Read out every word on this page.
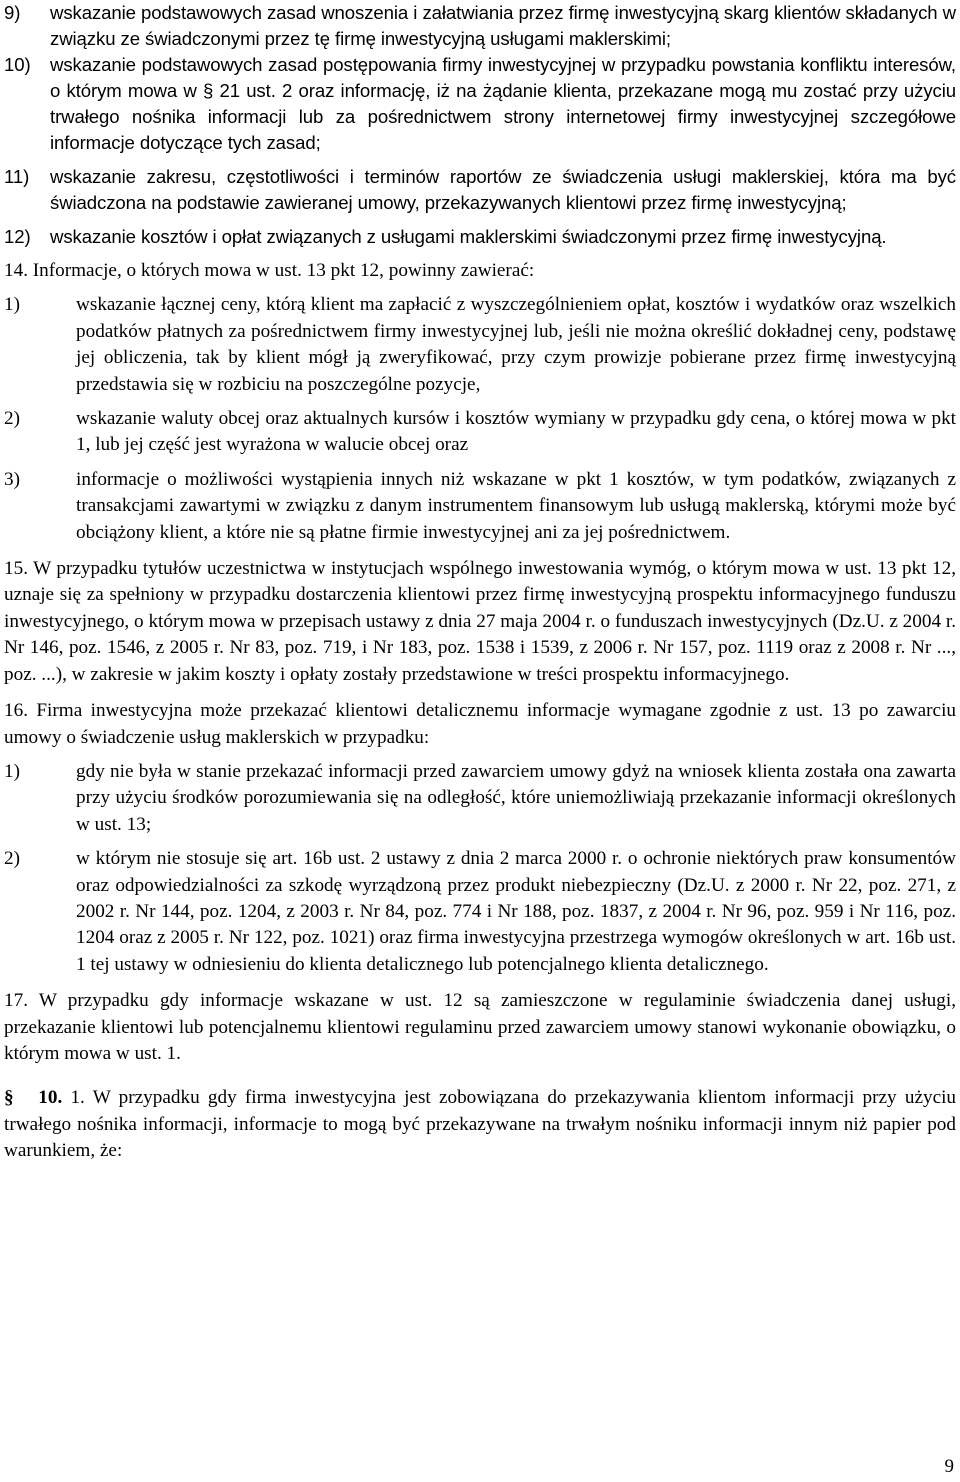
9)	wskazanie podstawowych zasad wnoszenia i załatwiania przez firmę inwestycyjną skarg klientów składanych w związku ze świadczonymi przez tę firmę inwestycyjną usługami maklerskimi;
10)	wskazanie podstawowych zasad postępowania firmy inwestycyjnej w przypadku powstania konfliktu interesów, o którym mowa w § 21 ust. 2 oraz informację, iż na żądanie klienta, przekazane mogą mu zostać przy użyciu trwałego nośnika informacji lub za pośrednictwem strony internetowej firmy inwestycyjnej szczegółowe informacje dotyczące tych zasad;
11)	wskazanie zakresu, częstotliwości i terminów raportów ze świadczenia usługi maklerskiej, która ma być świadczona na podstawie zawieranej umowy, przekazywanych klientowi przez firmę inwestycyjną;
12)	wskazanie kosztów i opłat związanych z usługami maklerskimi świadczonymi przez firmę inwestycyjną.
14. Informacje, o których mowa w ust. 13 pkt 12, powinny zawierać:
1)	wskazanie łącznej ceny, którą klient ma zapłacić z wyszczególnieniem opłat, kosztów i wydatków oraz wszelkich podatków płatnych za pośrednictwem firmy inwestycyjnej lub, jeśli nie można określić dokładnej ceny, podstawę jej obliczenia, tak by klient mógł ją zweryfikować, przy czym prowizje pobierane przez firmę inwestycyjną przedstawia się w rozbiciu na poszczególne pozycje,
2)	wskazanie waluty obcej oraz aktualnych kursów i kosztów wymiany w przypadku gdy cena, o której mowa w pkt 1, lub jej część jest wyrażona w walucie obcej oraz
3)	informacje o możliwości wystąpienia innych niż wskazane w pkt 1 kosztów, w tym podatków, związanych z transakcjami zawartymi w związku z danym instrumentem finansowym lub usługą maklerską, którymi może być obciążony klient, a które nie są płatne firmie inwestycyjnej ani za jej pośrednictwem.
15. W przypadku tytułów uczestnictwa w instytucjach wspólnego inwestowania wymóg, o którym mowa w ust. 13 pkt 12, uznaje się za spełniony w przypadku dostarczenia klientowi przez firmę inwestycyjną prospektu informacyjnego funduszu inwestycyjnego, o którym mowa w przepisach ustawy z dnia 27 maja 2004 r. o funduszach inwestycyjnych (Dz.U. z 2004 r. Nr 146, poz. 1546, z 2005 r. Nr 83, poz. 719, i Nr 183, poz. 1538 i 1539, z 2006 r. Nr 157, poz. 1119 oraz z 2008 r. Nr ..., poz. ...), w zakresie w jakim koszty i opłaty zostały przedstawione w treści prospektu informacyjnego.
16. Firma inwestycyjna może przekazać klientowi detalicznemu informacje wymagane zgodnie z ust. 13 po zawarciu umowy o świadczenie usług maklerskich w przypadku:
1)	gdy nie była w stanie przekazać informacji przed zawarciem umowy gdyż na wniosek klienta została ona zawarta przy użyciu środków porozumiewania się na odległość, które uniemożliwiają przekazanie informacji określonych w ust. 13;
2)	w którym nie stosuje się art. 16b ust. 2 ustawy z dnia 2 marca 2000 r. o ochronie niektórych praw konsumentów oraz odpowiedzialności za szkodę wyrządzoną przez produkt niebezpieczny (Dz.U. z 2000 r. Nr 22, poz. 271, z 2002 r. Nr 144, poz. 1204, z 2003 r. Nr 84, poz. 774 i Nr 188, poz. 1837, z 2004 r. Nr 96, poz. 959 i Nr 116, poz. 1204 oraz z 2005 r. Nr 122, poz. 1021) oraz firma inwestycyjna przestrzega wymogów określonych w art. 16b ust. 1 tej ustawy w odniesieniu do klienta detalicznego lub potencjalnego klienta detalicznego.
17. W przypadku gdy informacje wskazane w ust. 12 są zamieszczone w regulaminie świadczenia danej usługi, przekazanie klientowi lub potencjalnemu klientowi regulaminu przed zawarciem umowy stanowi wykonanie obowiązku, o którym mowa w ust. 1.
§ 10. 1. W przypadku gdy firma inwestycyjna jest zobowiązana do przekazywania klientom informacji przy użyciu trwałego nośnika informacji, informacje to mogą być przekazywane na trwałym nośniku informacji innym niż papier pod warunkiem, że:
9
